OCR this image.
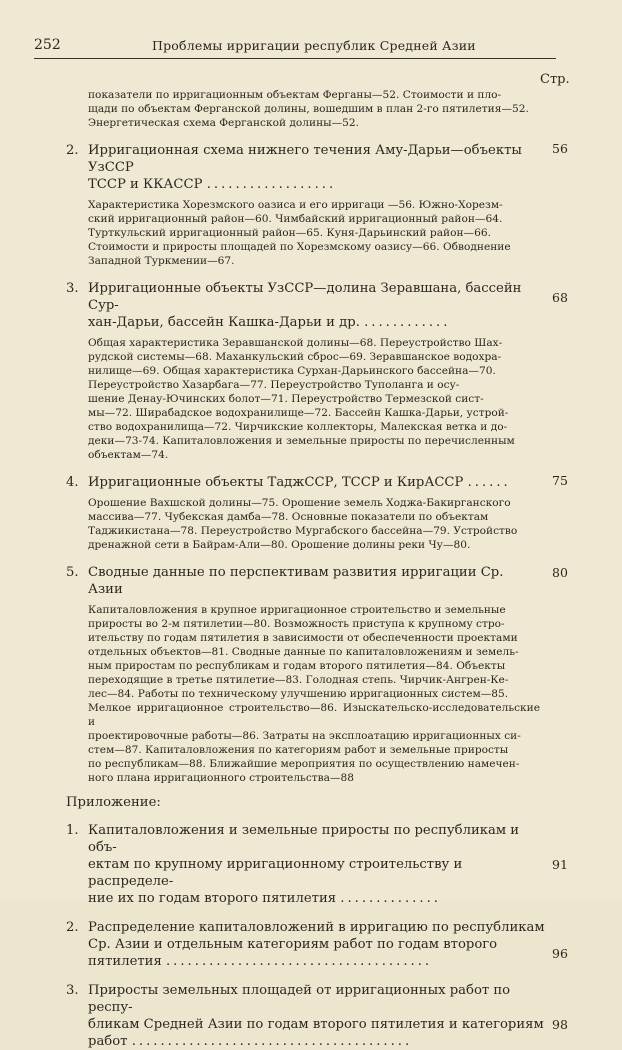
252	Проблемы ирригации республик Средней Азии
Стр.
показатели по ирригационным объектам Ферганы—52. Стоимости и пло-
щади по объектам Ферганской долины, вошедшим в план 2-го пятилетия—52.
Энергетическая схема Ферганской долины—52.
2. Ирригационная схема нижнего течения Аму-Дарьи—объекты УзССР
ТССР и ККАССР ..................
56
Характеристика Хорезмского оазиса и его ирригаци —56. Южно-Хорезм-
ский ирригационный район—60. Чимбайский ирригационный район—64.
Турткульский ирригационный район—65. Куня-Дарьинский район—66.
Стоимости и приросты площадей по Хорезмскому оазису—66. Обводнение
Западной Туркмении—67.
3. Ирригационные объекты УзССР—долина Зеравшана, бассейн Сур-
хан-Дарьи, бассейн Кашка-Дарьи и др. ............
68
Общая характеристика Зеравшанской долины—68. Переустройство Шах-
рудской системы—68. Маханкульский сброс—69. Зеравшанское водохра-
нилище—69. Общая характеристика Сурхан-Дарьинского бассейна—70.
Переустройство Хазарбага—77. Переустройство Туполанга и осу-
шение Денау-Ючинских болот—71. Переустройство Термезской сист-
мы—72. Ширабадское водохранилище—72. Бассейн Кашка-Дарьи, устрой-
ство водохранилища—72. Чирчикские коллекторы, Малекская ветка и до-
деки—73-74. Капиталовложения и земельные приросты по перечисленным
объектам—74.
4. Ирригационные объекты ТаджССР, ТССР и КирАССР ......	75
Орошение Вахшской долины—75. Орошение земель Ходжа-Бакирганского
массива—77. Чубекская дамба—78. Основные показатели по объектам
Таджикистана—78. Переустройство Мургабского бассейна—79. Устройство
дренажной сети в Байрам-Али—80. Орошение долины реки Чу—80.
5. Сводные данные по перспективам развития ирригации Ср. Азии
80
Капиталовложения в крупное ирригационное строительство и земельные
приросты во 2-м пятилетии—80. Возможность приступа к крупному стро-
ительству по годам пятилетия в зависимости от обеспеченности проектами
отдельных объектов—81. Сводные данные по капиталовложениям и земель-
ным приростам по республикам и годам второго пятилетия—84. Объекты
переходящие в третье пятилетие—83. Голодная степь. Чирчик-Ангрен-Ке-
лес—84. Работы по техническому улучшению ирригационных систем—85.
Мелкое ирригационное строительство—86. Изыскательско-исследовательские и
проектировочные работы—86. Затраты на эксплоатацию ирригационных си-
стем—87. Капиталовложения по категориям работ и земельные приросты
по республикам—88. Ближайшие мероприятия по осуществлению намечен-
ного плана ирригационного строительства—88
Приложение:
1. Капиталовложения и земельные приросты по республикам и объ-
ектам по крупному ирригационному строительству и распределе-
ние их по годам второго пятилетия ..............
91
2. Распределение капиталовложений в ирригацию по республикам
Ср. Азии и отдельным категориям работ по годам второго
пятилетия .....................................
96
3. Приросты земельных площадей от ирригационных работ по респу-
бликам Средней Азии по годам второго пятилетия и категориям
работ .......................................
98
